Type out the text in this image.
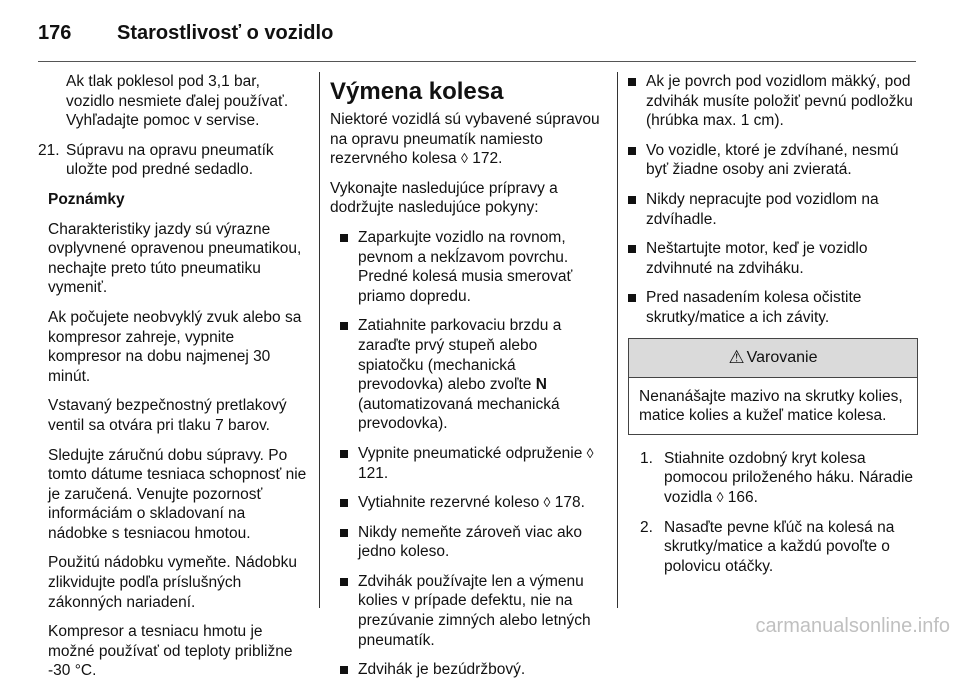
176 Starostlivosť o vozidlo

Ak tlak poklesol pod 3,1 bar, vozidlo nesmiete ďalej používať. Vyhľadajte pomoc v servise.

21. Súpravu na opravu pneumatík uložte pod predné sedadlo.

Poznámky

Charakteristiky jazdy sú výrazne ovplyvnené opravenou pneumatikou, nechajte preto túto pneumatiku vymeniť.

Ak počujete neobvyklý zvuk alebo sa kompresor zahreje, vypnite kompresor na dobu najmenej 30 minút.

Vstavaný bezpečnostný pretlakový ventil sa otvára pri tlaku 7 barov.

Sledujte záručnú dobu súpravy. Po tomto dátume tesniaca schopnosť nie je zaručená. Venujte pozornosť informáciám o skladovaní na nádobke s tesniacou hmotou.

Použitú nádobku vymeňte. Nádobku zlikvidujte podľa príslušných zákonných nariadení.

Kompresor a tesniacu hmotu je možné používať od teploty približne -30 °C.

Výmena kolesa

Niektoré vozidlá sú vybavené súpravou na opravu pneumatík namiesto rezervného kolesa ◊ 172.

Vykonajte nasledujúce prípravy a dodržujte nasledujúce pokyny:

Zaparkujte vozidlo na rovnom, pevnom a nekĺzavom povrchu. Predné kolesá musia smerovať priamo dopredu.
Zatiahnite parkovaciu brzdu a zaraďte prvý stupeň alebo spiatočku (mechanická prevodovka) alebo zvoľte N (automatizovaná mechanická prevodovka).
Vypnite pneumatické odpruženie ◊ 121.
Vytiahnite rezervné koleso ◊ 178.
Nikdy nemeňte zároveň viac ako jedno koleso.
Zdvihák používajte len a výmenu kolies v prípade defektu, nie na prezúvanie zimných alebo letných pneumatík.
Zdvihák je bezúdržbový.
Ak je povrch pod vozidlom mäkký, pod zdvihák musíte položiť pevnú podložku (hrúbka max. 1 cm).
Vo vozidle, ktoré je zdvíhané, nesmú byť žiadne osoby ani zvieratá.
Nikdy nepracujte pod vozidlom na zdvíhadle.
Neštartujte motor, keď je vozidlo zdvihnuté na zdviháku.
Pred nasadením kolesa očistite skrutky/matice a ich závity.
⚠ Varovanie
Nenanášajte mazivo na skrutky kolies, matice kolies a kužeľ matice kolesa.
1. Stiahnite ozdobný kryt kolesa pomocou priloženého háku. Náradie vozidla ◊ 166.
2. Nasaďte pevne kľúč na kolesá na skrutky/matice a každú povoľte o polovicu otáčky.
carmanualsonline.info
